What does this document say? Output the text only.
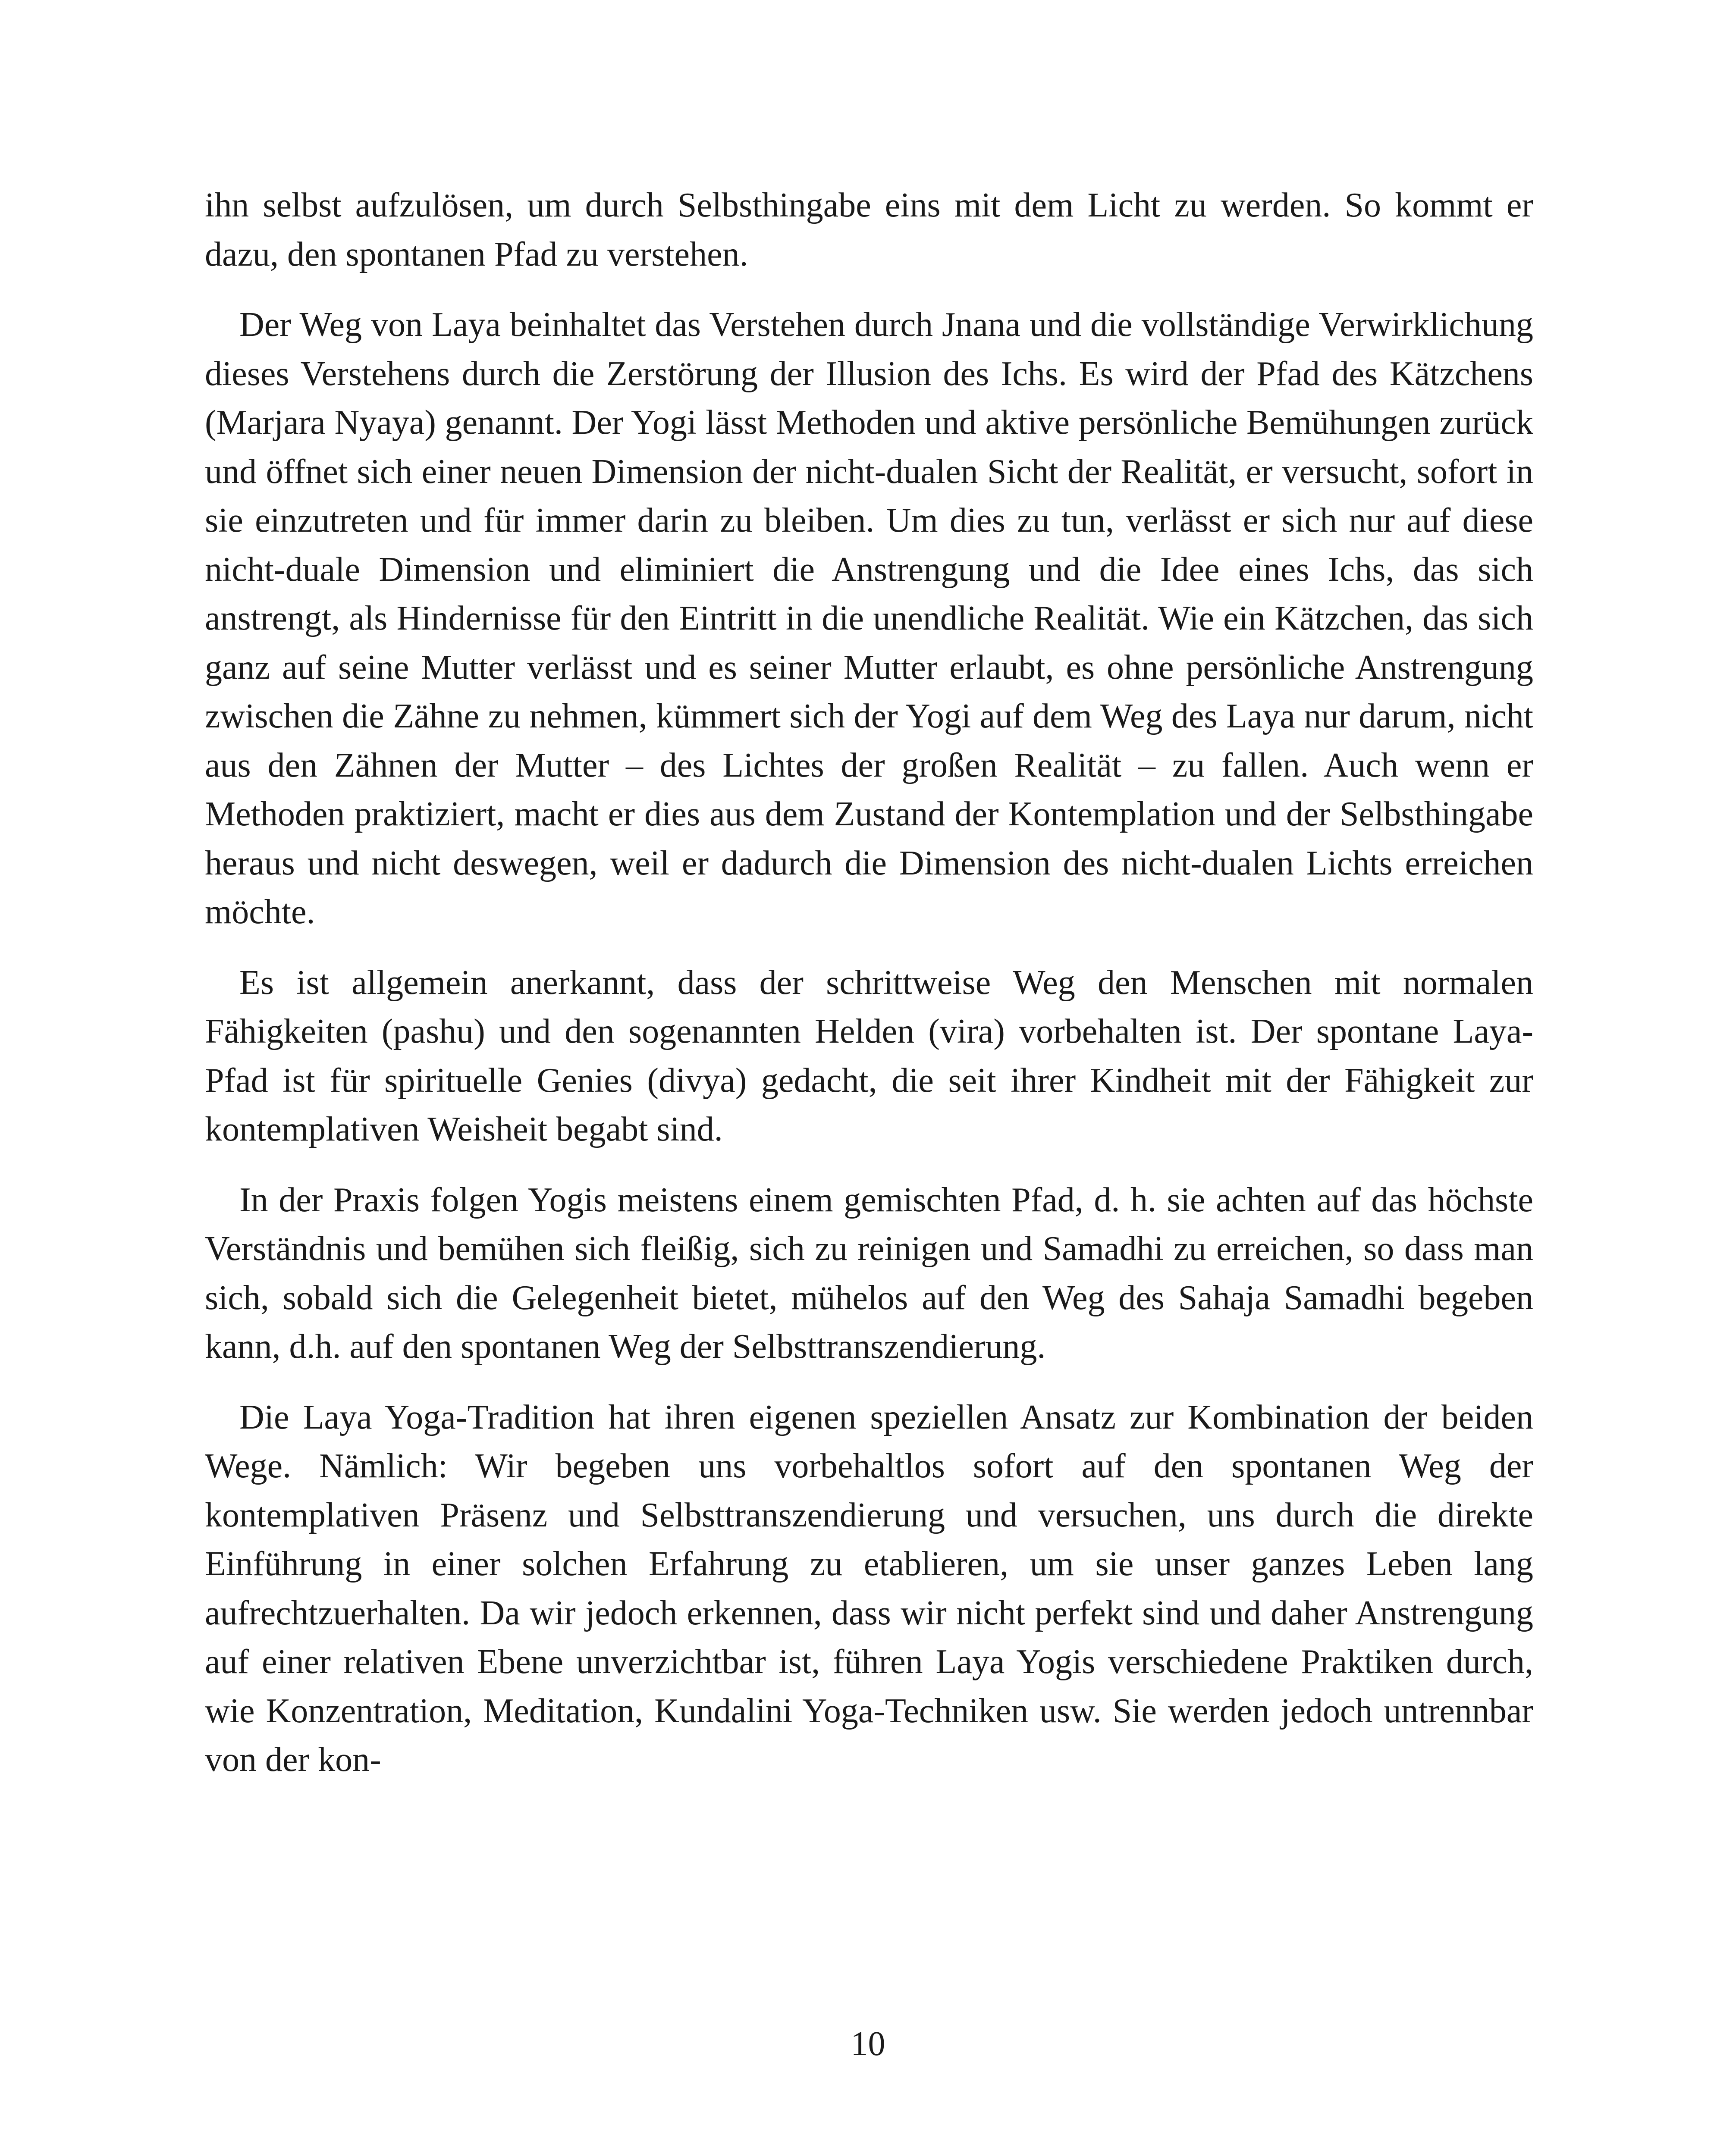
ihn selbst aufzulösen, um durch Selbsthingabe eins mit dem Licht zu werden. So kommt er dazu, den spontanen Pfad zu verstehen.

Der Weg von Laya beinhaltet das Verstehen durch Jnana und die vollständige Verwirklichung dieses Verstehens durch die Zerstörung der Illusion des Ichs. Es wird der Pfad des Kätzchens (Marjara Nyaya) genannt. Der Yogi lässt Methoden und aktive persönliche Bemühungen zurück und öffnet sich einer neuen Dimension der nicht-dualen Sicht der Realität, er versucht, sofort in sie einzutreten und für immer darin zu bleiben. Um dies zu tun, verlässt er sich nur auf diese nicht-duale Dimension und eliminiert die Anstrengung und die Idee eines Ichs, das sich anstrengt, als Hindernisse für den Eintritt in die unendliche Realität. Wie ein Kätzchen, das sich ganz auf seine Mutter verlässt und es seiner Mutter erlaubt, es ohne persönliche Anstrengung zwischen die Zähne zu nehmen, kümmert sich der Yogi auf dem Weg des Laya nur darum, nicht aus den Zähnen der Mutter – des Lichtes der großen Realität – zu fallen. Auch wenn er Methoden praktiziert, macht er dies aus dem Zustand der Kontemplation und der Selbsthingabe heraus und nicht deswegen, weil er dadurch die Dimension des nicht-dualen Lichts erreichen möchte.

Es ist allgemein anerkannt, dass der schrittweise Weg den Menschen mit normalen Fähigkeiten (pashu) und den sogenannten Helden (vira) vorbehalten ist. Der spontane Laya-Pfad ist für spirituelle Genies (divya) gedacht, die seit ihrer Kindheit mit der Fähigkeit zur kontemplativen Weisheit begabt sind.

In der Praxis folgen Yogis meistens einem gemischten Pfad, d. h. sie achten auf das höchste Verständnis und bemühen sich fleißig, sich zu reinigen und Samadhi zu erreichen, so dass man sich, sobald sich die Gelegenheit bietet, mühelos auf den Weg des Sahaja Samadhi begeben kann, d.h. auf den spontanen Weg der Selbsttranszendierung.

Die Laya Yoga-Tradition hat ihren eigenen speziellen Ansatz zur Kombination der beiden Wege. Nämlich: Wir begeben uns vorbehaltlos sofort auf den spontanen Weg der kontemplativen Präsenz und Selbsttranszendierung und versuchen, uns durch die direkte Einführung in einer solchen Erfahrung zu etablieren, um sie unser ganzes Leben lang aufrechtzuerhalten. Da wir jedoch erkennen, dass wir nicht perfekt sind und daher Anstrengung auf einer relativen Ebene unverzichtbar ist, führen Laya Yogis verschiedene Praktiken durch, wie Konzentration, Meditation, Kundalini Yoga-Techniken usw. Sie werden jedoch untrennbar von der kon-

10
